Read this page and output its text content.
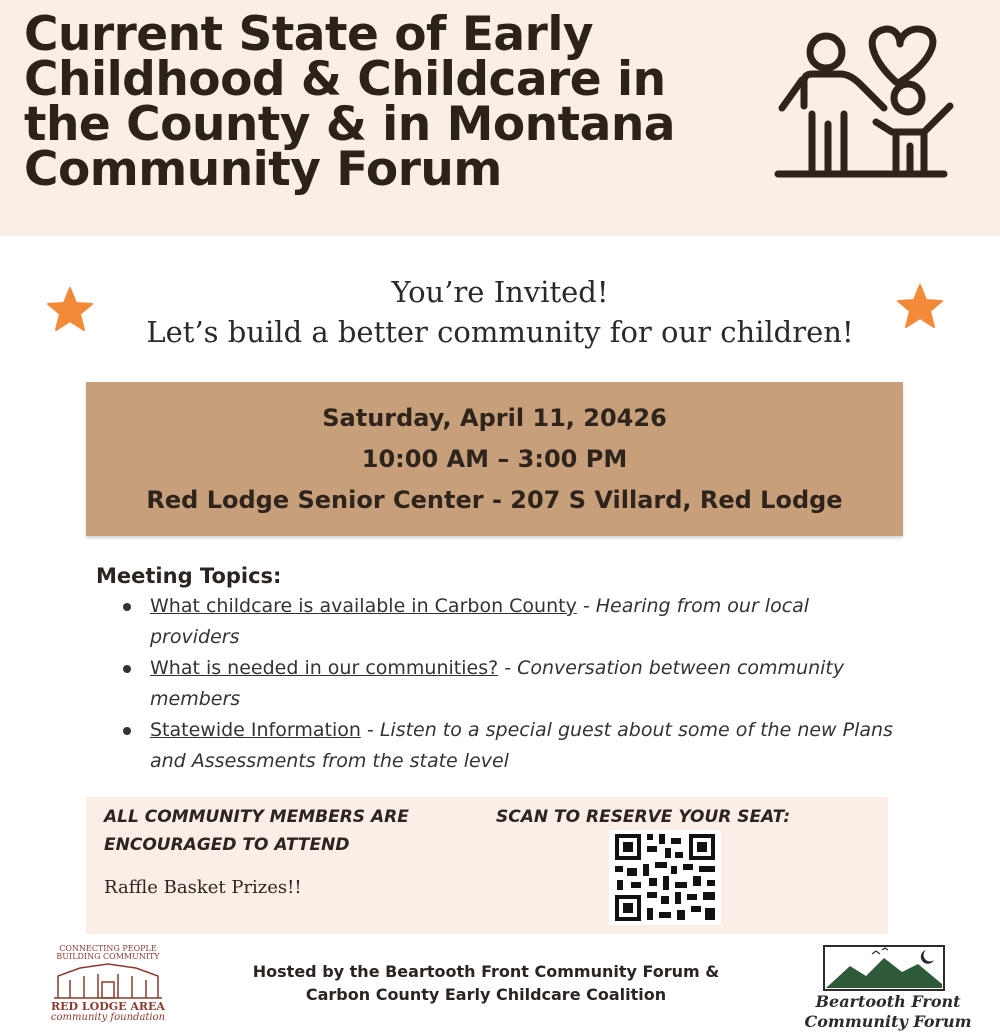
Current State of Early
Childhood & Childcare in
the County & in Montana
Community Forum
You’re Invited!
Let’s build a better community for our children!
Saturday, April 11, 20426
10:00 AM – 3:00 PM
Red Lodge Senior Center - 207 S Villard, Red Lodge

Meeting Topics:

What childcare is available in Carbon County - Hearing from our local providers
What is needed in our communities? - Conversation between community members
Statewide Information - Listen to a special guest about some of the new Plans and Assessments from the state level

ALL COMMUNITY MEMBERS ARE
ENCOURAGED TO ATTEND

Raffle Basket Prizes!!

SCAN TO RESERVE YOUR SEAT:

CONNECTING PEOPLE
BUILDING COMMUNITY
RED LODGE AREA
community foundation
Hosted by the Beartooth Front Community Forum &
Carbon County Early Childcare Coalition	Beartooth Front
Community Forum
